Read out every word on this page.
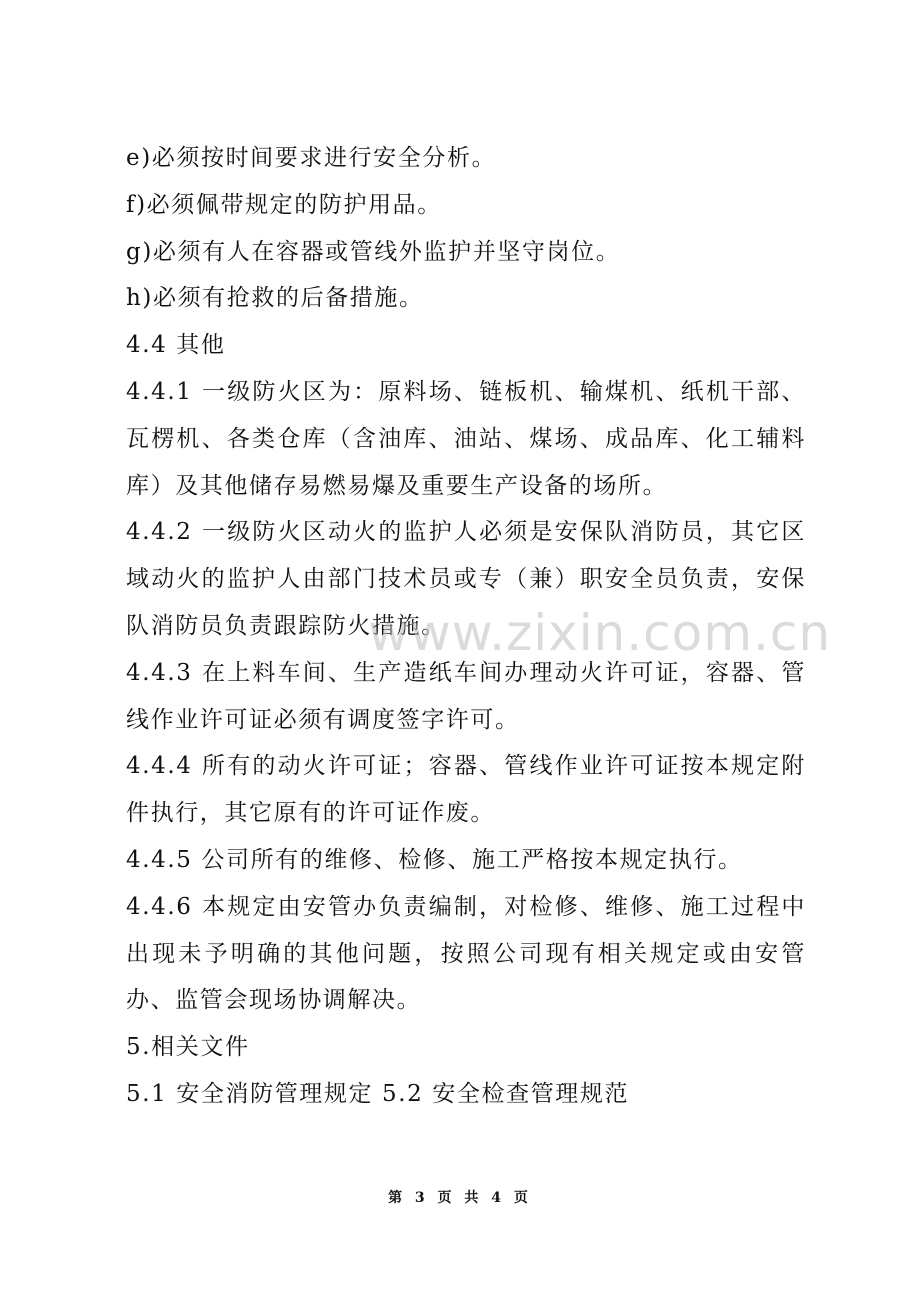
e)必须按时间要求进行安全分析。

f)必须佩带规定的防护用品。

g)必须有人在容器或管线外监护并坚守岗位。

h)必须有抢救的后备措施。

4.4 其他

4.4.1 一级防火区为：原料场、链板机、输煤机、纸机干部、瓦楞机、各类仓库（含油库、油站、煤场、成品库、化工辅料库）及其他储存易燃易爆及重要生产设备的场所。

4.4.2 一级防火区动火的监护人必须是安保队消防员，其它区域动火的监护人由部门技术员或专（兼）职安全员负责，安保队消防员负责跟踪防火措施。

4.4.3 在上料车间、生产造纸车间办理动火许可证，容器、管线作业许可证必须有调度签字许可。

4.4.4 所有的动火许可证；容器、管线作业许可证按本规定附件执行，其它原有的许可证作废。

4.4.5 公司所有的维修、检修、施工严格按本规定执行。

4.4.6 本规定由安管办负责编制，对检修、维修、施工过程中出现未予明确的其他问题，按照公司现有相关规定或由安管办、监管会现场协调解决。

5.相关文件

5.1 安全消防管理规定 5.2 安全检查管理规范

www.zixin.com.cn
第 3 页 共 4 页
